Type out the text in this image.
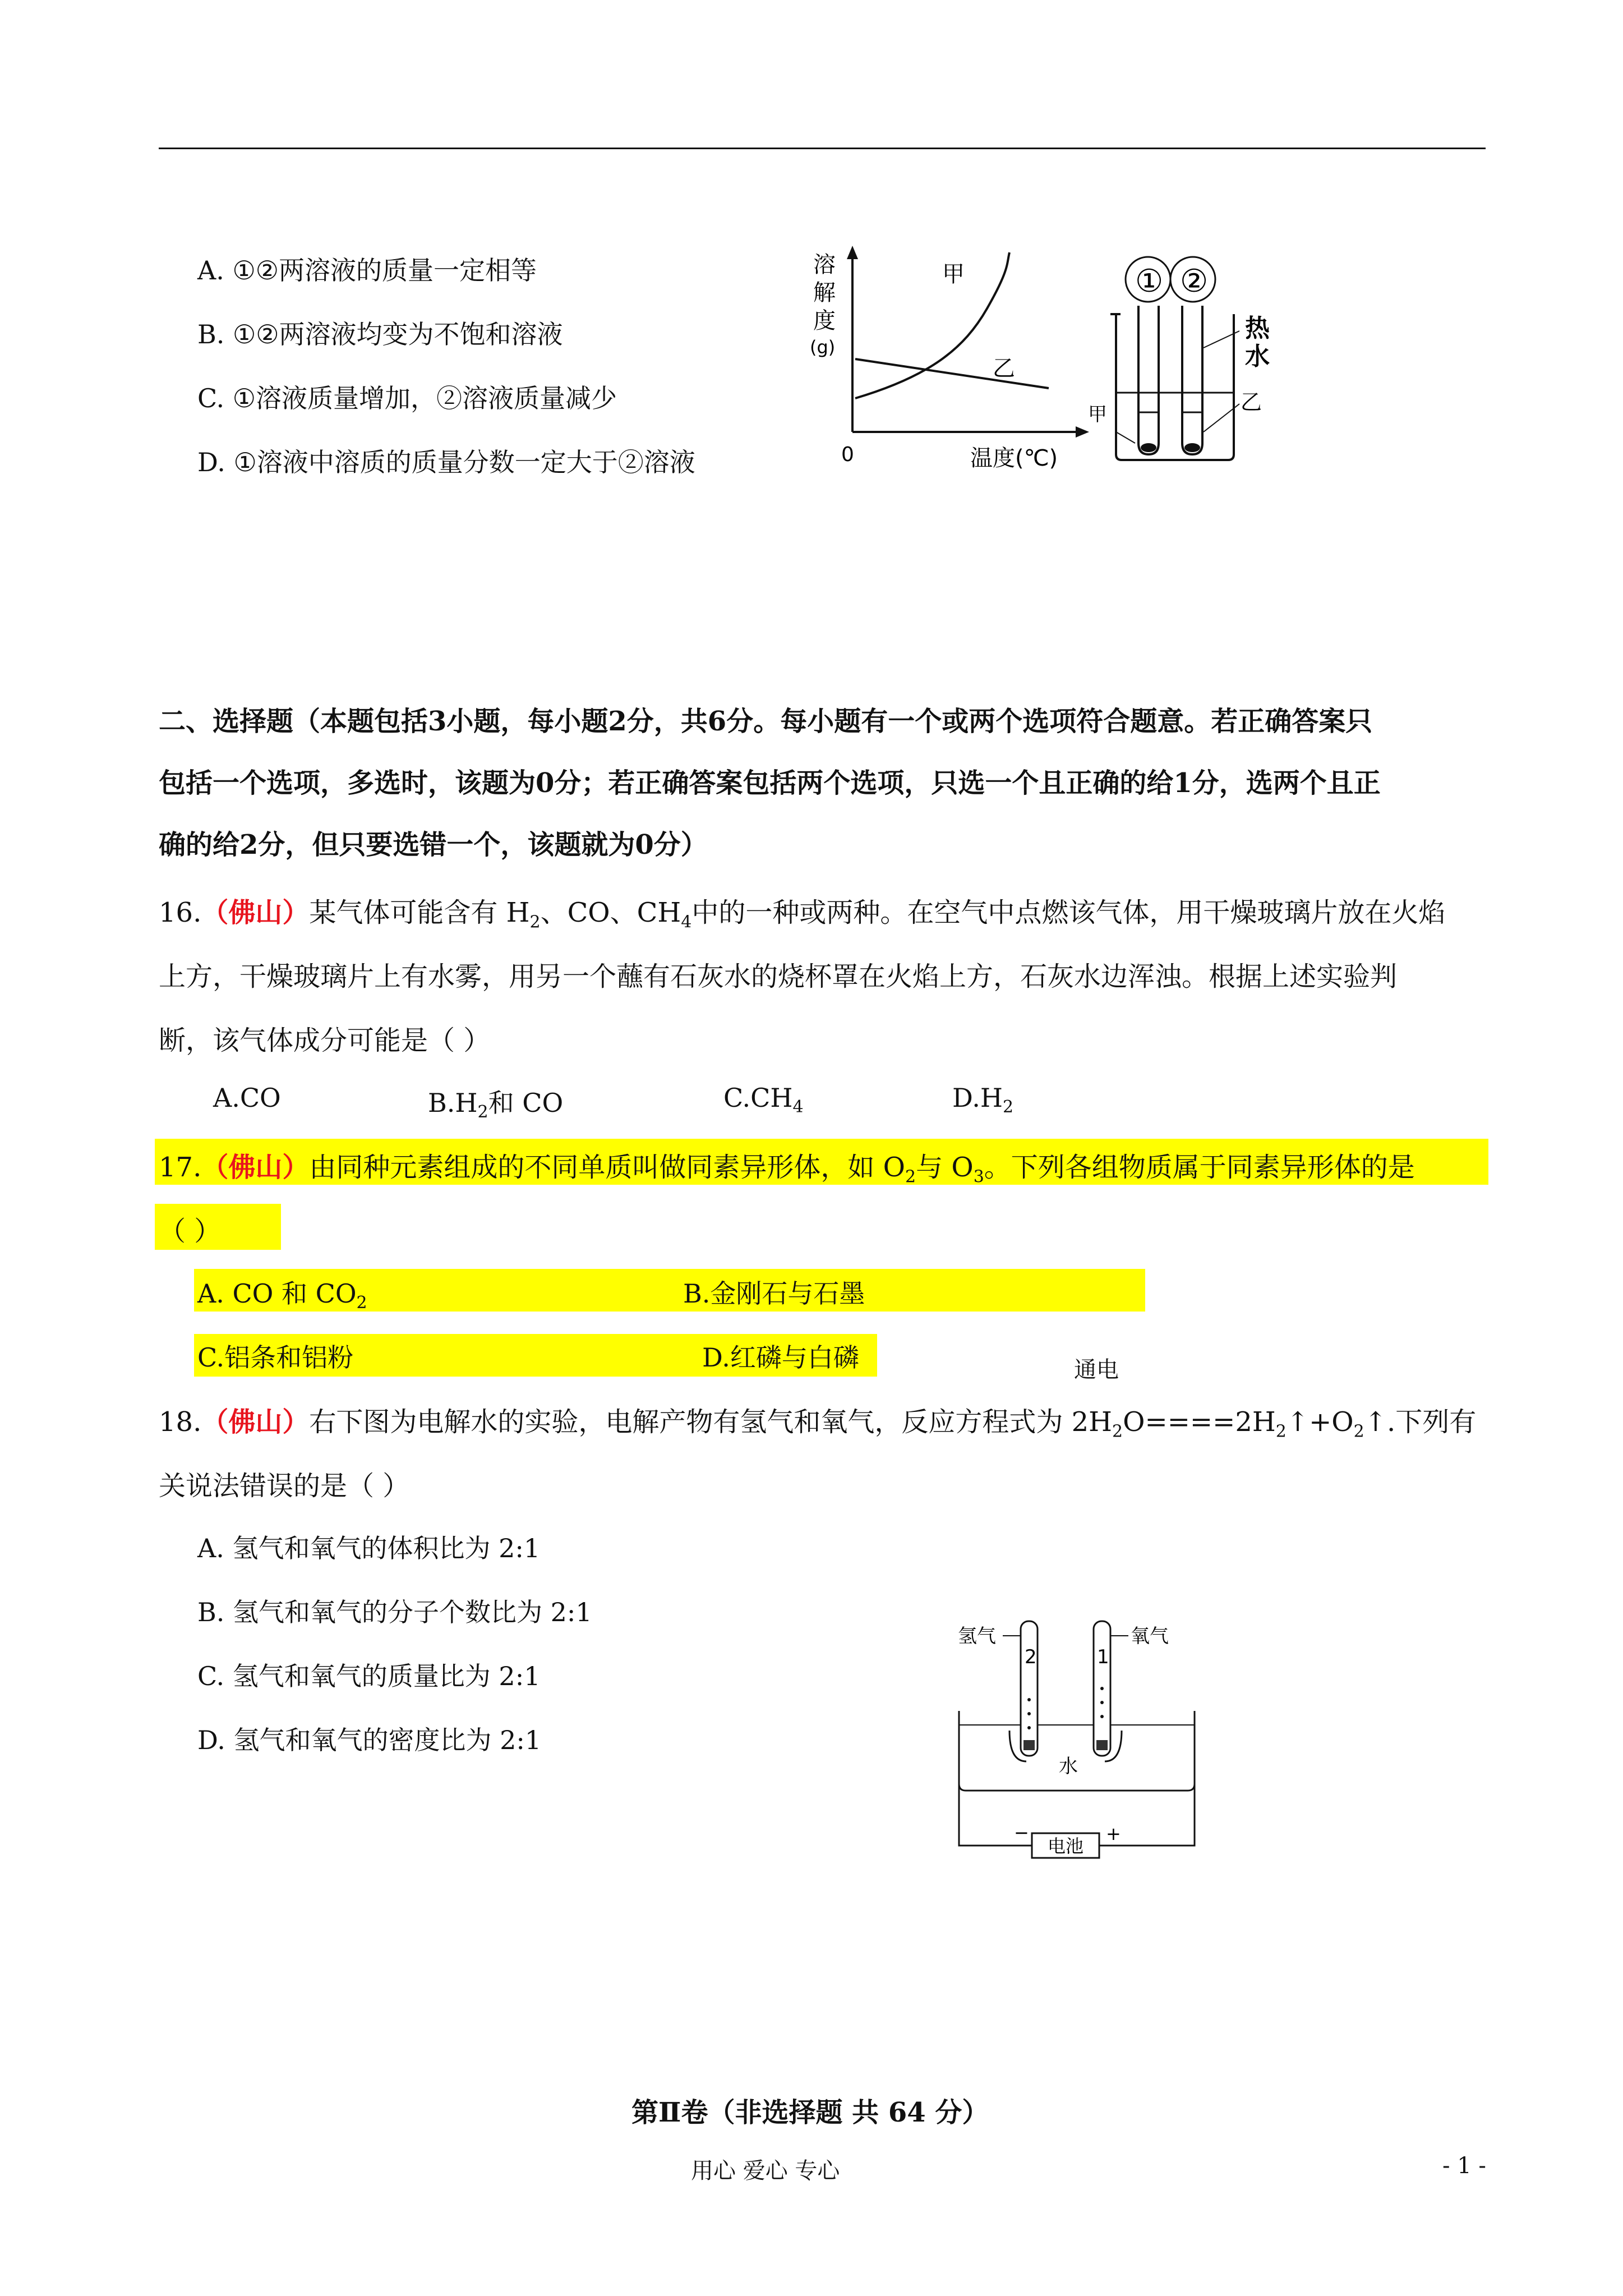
A. ①②两溶液的质量一定相等
B. ①②两溶液均变为不饱和溶液
C. ①溶液质量增加，②溶液质量减少
D. ①溶液中溶质的质量分数一定大于②溶液
溶
解
度
(g)
甲
乙
0	温度(℃)
① ②
热
水
甲	乙
二、选择题（本题包括3小题，每小题2分，共6分。每小题有一个或两个选项符合题意。若正确答案只
包括一个选项，多选时，该题为0分；若正确答案包括两个选项，只选一个且正确的给1分，选两个且正
确的给2分，但只要选错一个，该题就为0分）
16.（佛山）某气体可能含有 $H_2$、CO、$CH_4$中的一种或两种。在空气中点燃该气体，用干燥玻璃片放在火焰
上方，干燥玻璃片上有水雾，用另一个蘸有石灰水的烧杯罩在火焰上方，石灰水边浑浊。根据上述实验判
断，该气体成分可能是（ ）
A.CO	$B.H_2$和 CO	$C.CH_4$	$D.H_2$
17.（佛山）由同种元素组成的不同单质叫做同素异形体，如 $O_2$与 $O_3$。下列各组物质属于同素异形体的是
（ ）
A. CO 和 $CO_2$	B.金刚石与石墨
C.铝条和铝粉	D.红磷与白磷	通电
18.（佛山）右下图为电解水的实验，电解产物有氢气和氧气，反应方程式为 $2H_2O====2H_2↑+O_2↑$.下列有
关说法错误的是（ ）
A. 氢气和氧气的体积比为 2:1
B. 氢气和氧气的分子个数比为 2:1
C. 氢气和氧气的质量比为 2:1
D. 氢气和氧气的密度比为 2:1
2	1
氢气	氧气
水
电池
−	+
第Ⅱ卷（非选择题 共 64 分）
用心 爱心 专心	- 1 -
